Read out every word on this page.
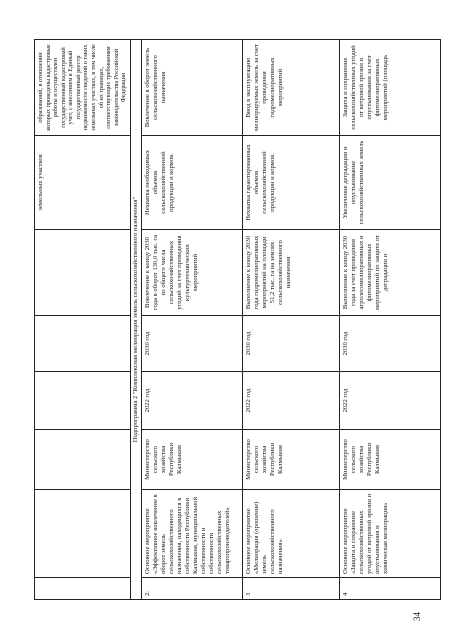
						земельных участков	образований, в отношении которых проведены кадастровые работы и осуществлен государственный кадастровый учет, с внесением в Единый государственный реестр недвижимости сведений о таких земельных участках, в том числе об их границах, соответствующих требованиям законодательства Российской Федерации
Подпрограмма 2 "Комплексная мелиорация земель сельскохозяйственного назначения"							
2.	Основное мероприятие «Эффективное вовлечение в оборот земель сельскохозяйственного назначения, находящихся в собственности Республики Калмыкия, муниципальной собственности и собственности сельскохозяйственных товаропроизводителей»	Министерство сельского хозяйства Республики Калмыкия	2022 год	2030 год	Вовлечение к концу 2030 года в оборот 130,0 тыс. га из общего числа сельскохозяйственных угодий за счет проведения культуртехнических мероприятий	Нехватка необходимых объемов сельскохозяйственной продукции и кормов.	Вовлечение в оборот земель сельскохозяйственного назначения
3	Основное мероприятие «Мелиорация (орошение) земель сельскохозяйственного назначения»	Министерство сельского хозяйства Республики Калмыкия	2022 год	2030 год	Выполнение к концу 2030 года гидромелиоративных мероприятий на площади 51,2 тыс. га на землях сельскохозяйственного назначения	Нехватка гарантированных объемов сельскохозяйственной продукции и кормов.	Ввод в эксплуатацию мелиорируемых земель за счет проведения гидромелиоративных мероприятий
4	Основное мероприятие «Защита и сохранение сельскохозяйственных угодий от ветровой эрозии и опустынивания и химическая мелиорация»	Министерство сельского хозяйства Республики Калмыкия	2022 год	2030 год	Выполнение к концу 2030 года за счет проведения агролесомелиоративных и фитомелиоративных мероприятий по защите от деградации и	Увеличение деградации и опустынивание сельскохозяйственных земель	Защита и сохранение сельскохозяйственных угодий от ветровой эрозии и опустынивания за счет фитомелиоративных мероприятий (площадь
34
